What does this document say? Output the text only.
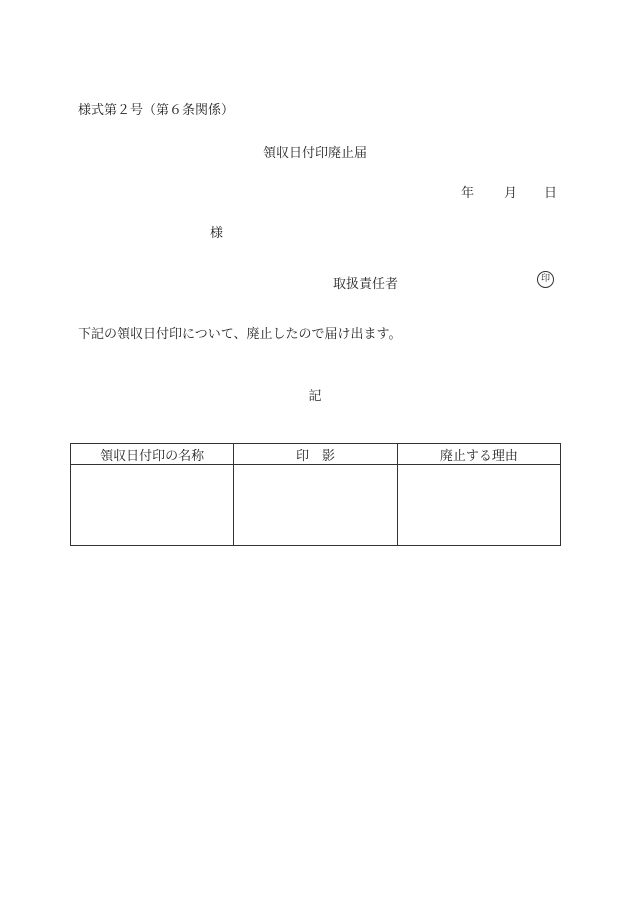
様式第２号（第６条関係）
領収日付印廃止届
年 月 日
様
取扱責任者	印
下記の領収日付印について、廃止したので届け出ます。
記
領収日付印の名称	印　影	廃止する理由
